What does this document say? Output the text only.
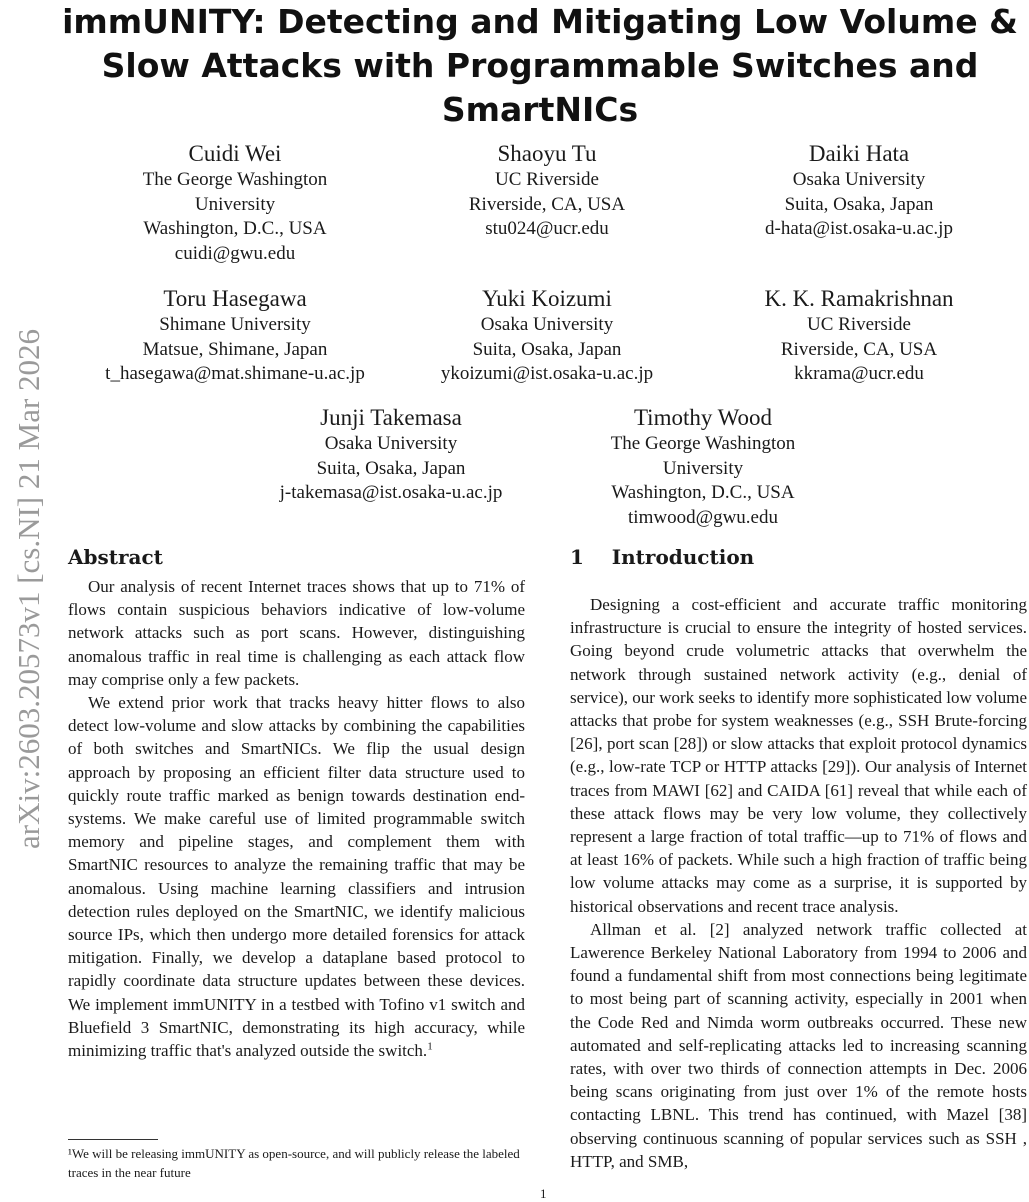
arXiv:2603.20573v1 [cs.NI] 21 Mar 2026
immUNITY: Detecting and Mitigating Low Volume & Slow Attacks with Programmable Switches and SmartNICs
Cuidi Wei
The George Washington
University
Washington, D.C., USA
cuidi@gwu.edu
Shaoyu Tu
UC Riverside
Riverside, CA, USA
stu024@ucr.edu
Daiki Hata
Osaka University
Suita, Osaka, Japan
d-hata@ist.osaka-u.ac.jp
Toru Hasegawa
Shimane University
Matsue, Shimane, Japan
t_hasegawa@mat.shimane-u.ac.jp
Yuki Koizumi
Osaka University
Suita, Osaka, Japan
ykoizumi@ist.osaka-u.ac.jp
K. K. Ramakrishnan
UC Riverside
Riverside, CA, USA
kkrama@ucr.edu
Junji Takemasa
Osaka University
Suita, Osaka, Japan
j-takemasa@ist.osaka-u.ac.jp
Timothy Wood
The George Washington
University
Washington, D.C., USA
timwood@gwu.edu
Abstract

Our analysis of recent Internet traces shows that up to 71% of flows contain suspicious behaviors indicative of low-volume network attacks such as port scans. However, distinguishing anomalous traffic in real time is challenging as each attack flow may comprise only a few packets.

We extend prior work that tracks heavy hitter flows to also detect low-volume and slow attacks by combining the capabilities of both switches and SmartNICs. We flip the usual design approach by proposing an efficient filter data structure used to quickly route traffic marked as benign towards destination end-systems. We make careful use of limited programmable switch memory and pipeline stages, and complement them with SmartNIC resources to analyze the remaining traffic that may be anomalous. Using machine learning classifiers and intrusion detection rules deployed on the SmartNIC, we identify malicious source IPs, which then undergo more detailed forensics for attack mitigation. Finally, we develop a dataplane based protocol to rapidly coordinate data structure updates between these devices. We implement immUNITY in a testbed with Tofino v1 switch and Bluefield 3 SmartNIC, demonstrating its high accuracy, while minimizing traffic that's analyzed outside the switch.$^1$

1    Introduction

Designing a cost-efficient and accurate traffic monitoring infrastructure is crucial to ensure the integrity of hosted services. Going beyond crude volumetric attacks that overwhelm the network through sustained network activity (e.g., denial of service), our work seeks to identify more sophisticated low volume attacks that probe for system weaknesses (e.g., SSH Brute-forcing [26], port scan [28]) or slow attacks that exploit protocol dynamics (e.g., low-rate TCP or HTTP attacks [29]). Our analysis of Internet traces from MAWI [62] and CAIDA [61] reveal that while each of these attack flows may be very low volume, they collectively represent a large fraction of total traffic—up to 71% of flows and at least 16% of packets. While such a high fraction of traffic being low volume attacks may come as a surprise, it is supported by historical observations and recent trace analysis.

Allman et al. [2] analyzed network traffic collected at Lawerence Berkeley National Laboratory from 1994 to 2006 and found a fundamental shift from most connections being legitimate to most being part of scanning activity, especially in 2001 when the Code Red and Nimda worm outbreaks occurred. These new automated and self-replicating attacks led to increasing scanning rates, with over two thirds of connection attempts in Dec. 2006 being scans originating from just over 1% of the remote hosts contacting LBNL. This trend has continued, with Mazel [38] observing continuous scanning of popular services such as SSH , HTTP, and SMB,

¹We will be releasing immUNITY as open-source, and will publicly release the labeled traces in the near future
1
